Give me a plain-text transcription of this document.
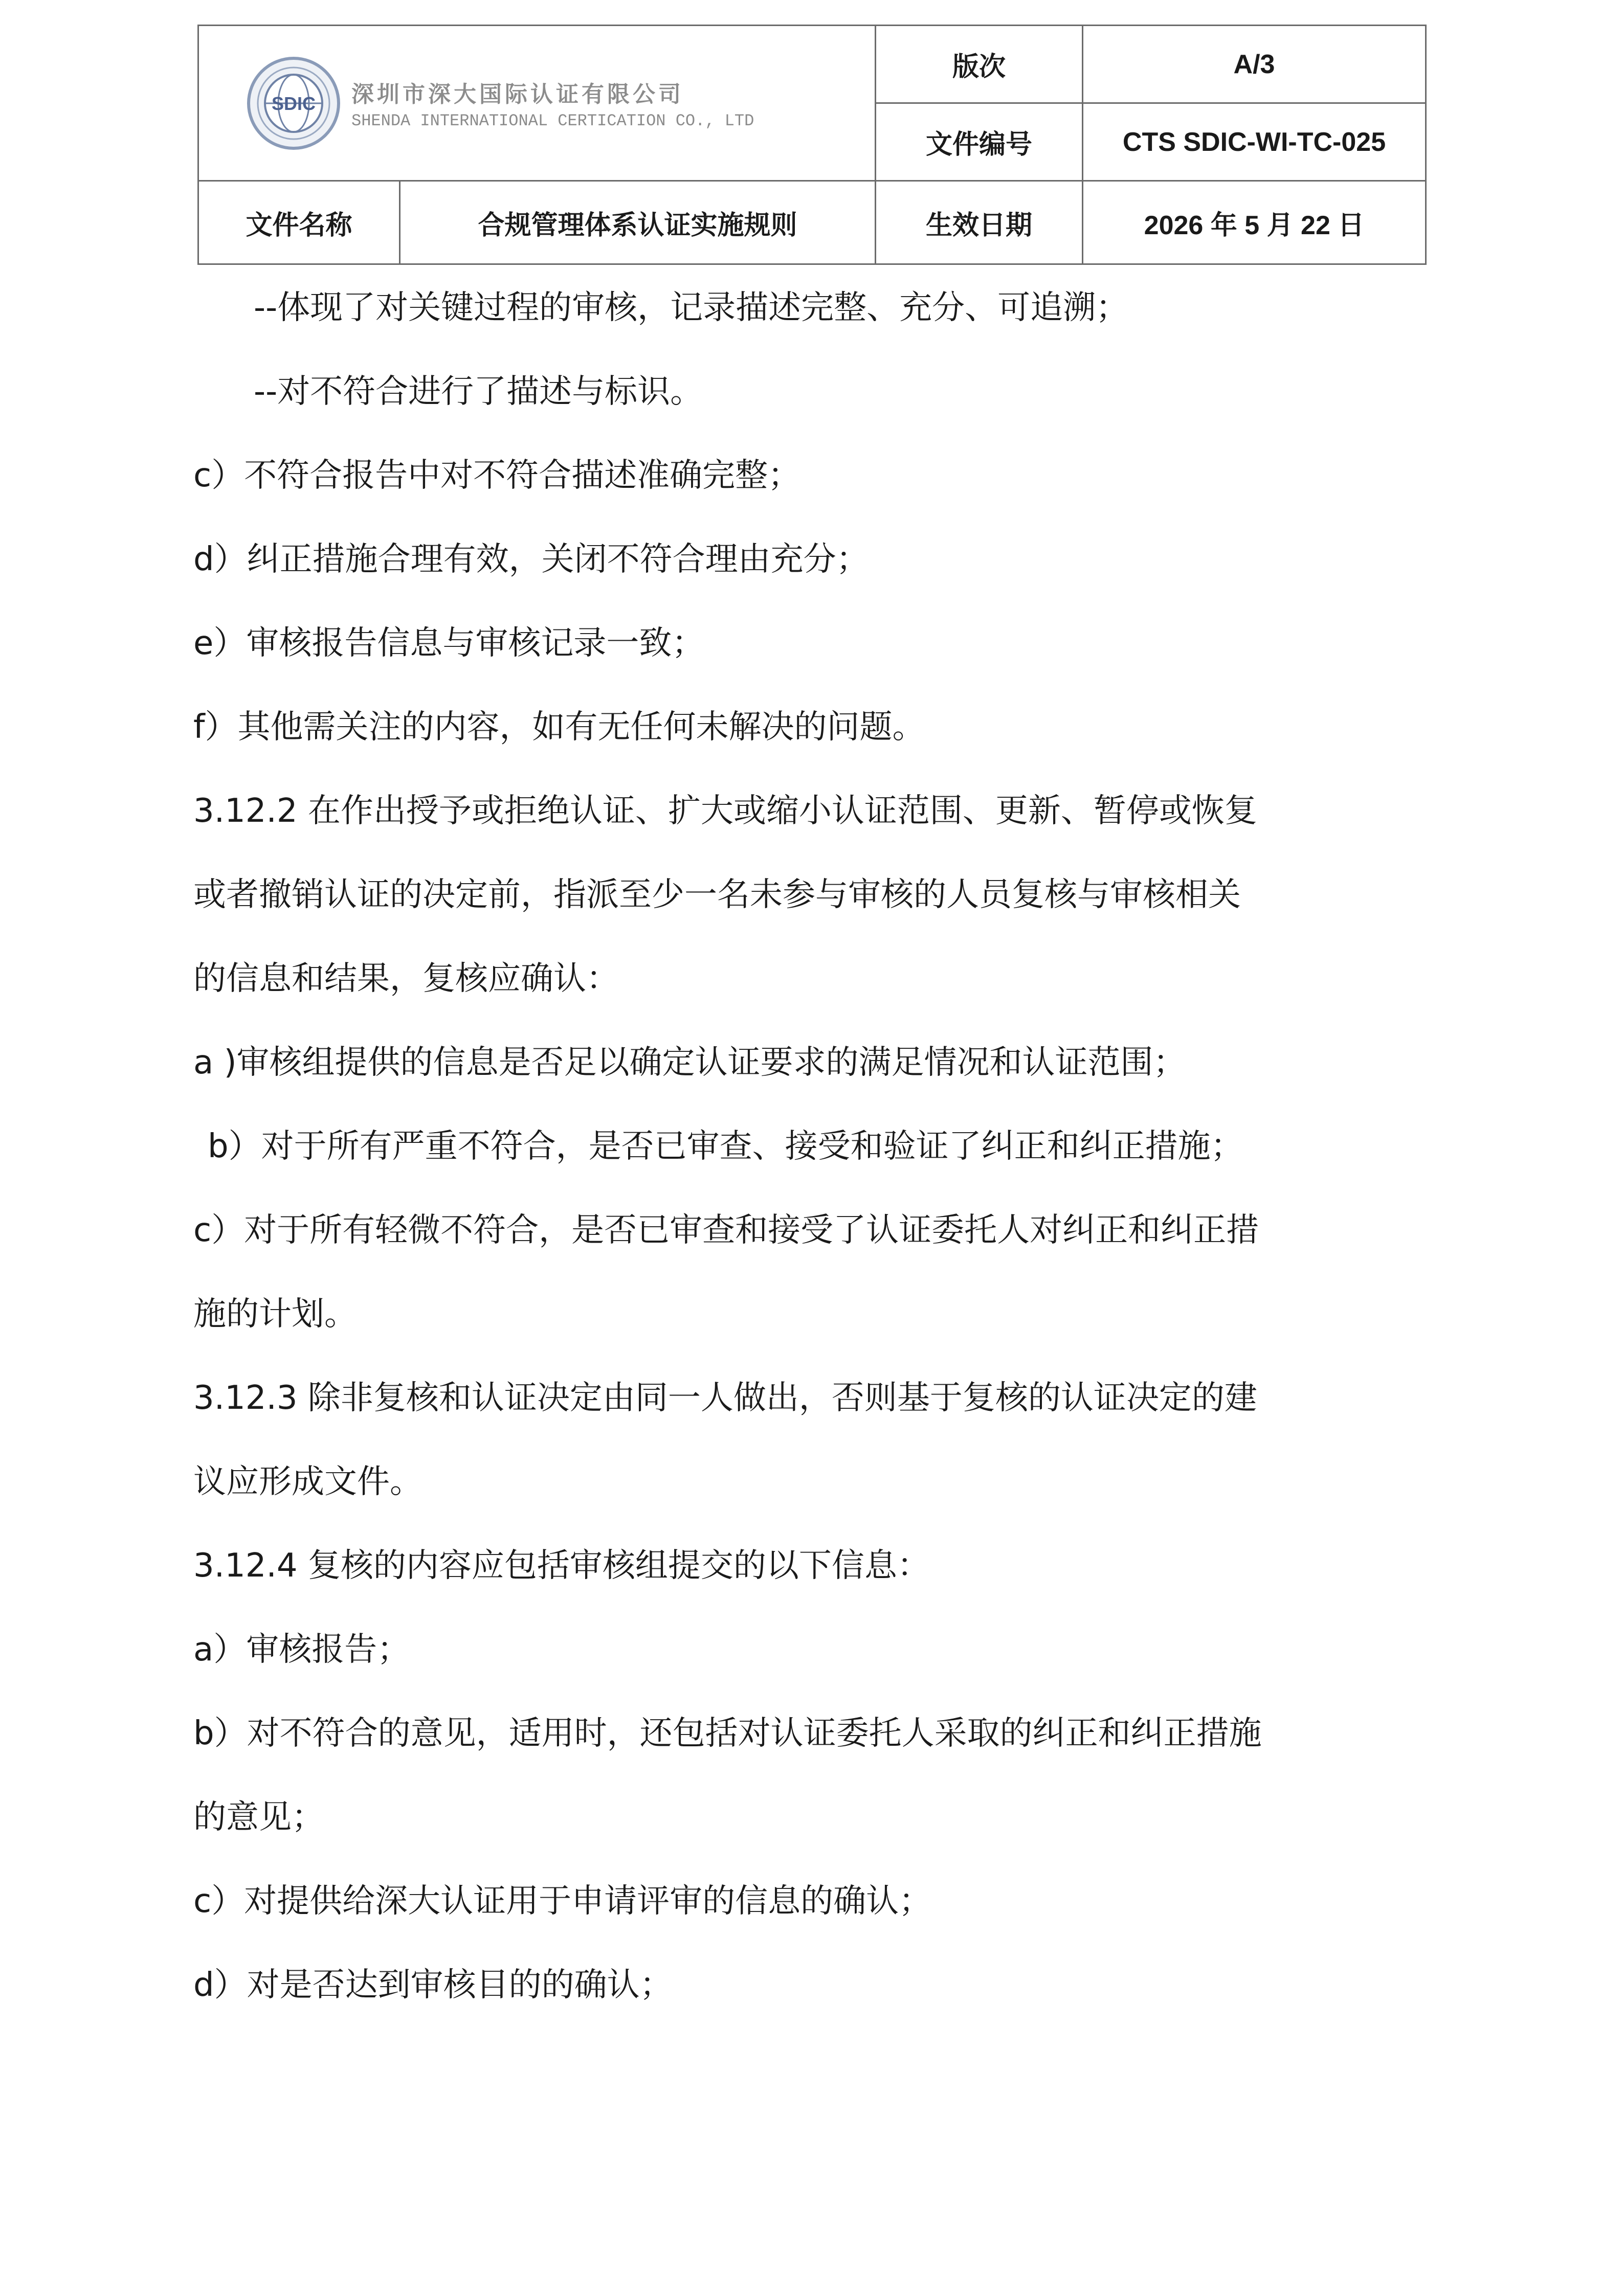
SDIC 深圳市深大国际认证有限公司
SHENDA INTERNATIONAL CERTICATION CO., LTD		版次	A/3
		文件编号	CTS SDIC-WI-TC-025
文件名称	合规管理体系认证实施规则	生效日期	2026 年 5 月 22 日
--体现了对关键过程的审核，记录描述完整、充分、可追溯；
--对不符合进行了描述与标识。
c）不符合报告中对不符合描述准确完整；
d）纠正措施合理有效，关闭不符合理由充分；
e）审核报告信息与审核记录一致；
f）其他需关注的内容，如有无任何未解决的问题。
3.12.2 在作出授予或拒绝认证、扩大或缩小认证范围、更新、暂停或恢复
或者撤销认证的决定前，指派至少一名未参与审核的人员复核与审核相关
的信息和结果，复核应确认：
a )审核组提供的信息是否足以确定认证要求的满足情况和认证范围；
b）对于所有严重不符合，是否已审查、接受和验证了纠正和纠正措施；
c）对于所有轻微不符合，是否已审查和接受了认证委托人对纠正和纠正措
施的计划。
3.12.3 除非复核和认证决定由同一人做出，否则基于复核的认证决定的建
议应形成文件。
3.12.4 复核的内容应包括审核组提交的以下信息：
a）审核报告；
b）对不符合的意见，适用时，还包括对认证委托人采取的纠正和纠正措施
的意见；
c）对提供给深大认证用于申请评审的信息的确认；
d）对是否达到审核目的的确认；
